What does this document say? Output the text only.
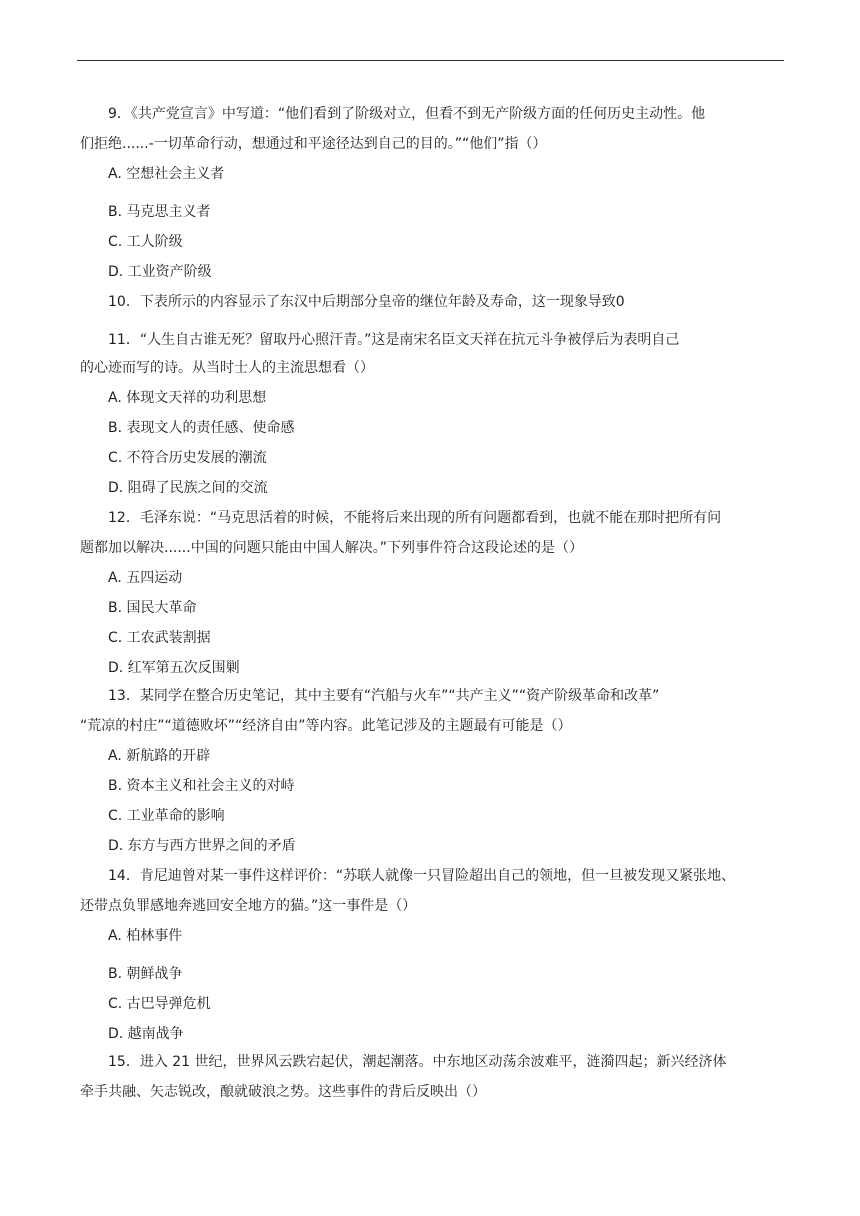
9．《共产党宣言》中写道：“他们看到了阶级对立，但看不到无产阶级方面的任何历史主动性。他
们拒绝......-一切革命行动，想通过和平途径达到自己的目的。”“他们”指（）
A. 空想社会主义者
B. 马克思主义者
C. 工人阶级
D. 工业资产阶级
10．下表所示的内容显示了东汉中后期部分皇帝的继位年龄及寿命，这一现象导致0
11．“人生自古谁无死？留取丹心照汗青。”这是南宋名臣文天祥在抗元斗争被俘后为表明自己
的心迹而写的诗。从当时士人的主流思想看（）
A. 体现文天祥的功利思想
B. 表现文人的责任感、使命感
C. 不符合历史发展的潮流
D. 阻碍了民族之间的交流
12．毛泽东说：“马克思活着的时候，不能将后来出现的所有问题都看到，也就不能在那时把所有问
题都加以解决......中国的问题只能由中国人解决。”下列事件符合这段论述的是（）
A. 五四运动
B. 国民大革命
C. 工农武装割据
D. 红军第五次反围剿
13．某同学在整合历史笔记，其中主要有“汽船与火车”“共产主义”“资产阶级革命和改革”
“荒凉的村庄”“道德败坏”“经济自由”等内容。此笔记涉及的主题最有可能是（）
A. 新航路的开辟
B. 资本主义和社会主义的对峙
C. 工业革命的影响
D. 东方与西方世界之间的矛盾
14．肯尼迪曾对某一事件这样评价：“苏联人就像一只冒险超出自己的领地，但一旦被发现又紧张地、
还带点负罪感地奔逃回安全地方的猫。”这一事件是（）
A. 柏林事件
B. 朝鲜战争
C. 古巴导弹危机
D. 越南战争
15．进入 21 世纪，世界风云跌宕起伏，潮起潮落。中东地区动荡余波难平，涟漪四起；新兴经济体
牵手共融、矢志锐改，酿就破浪之势。这些事件的背后反映出（）
